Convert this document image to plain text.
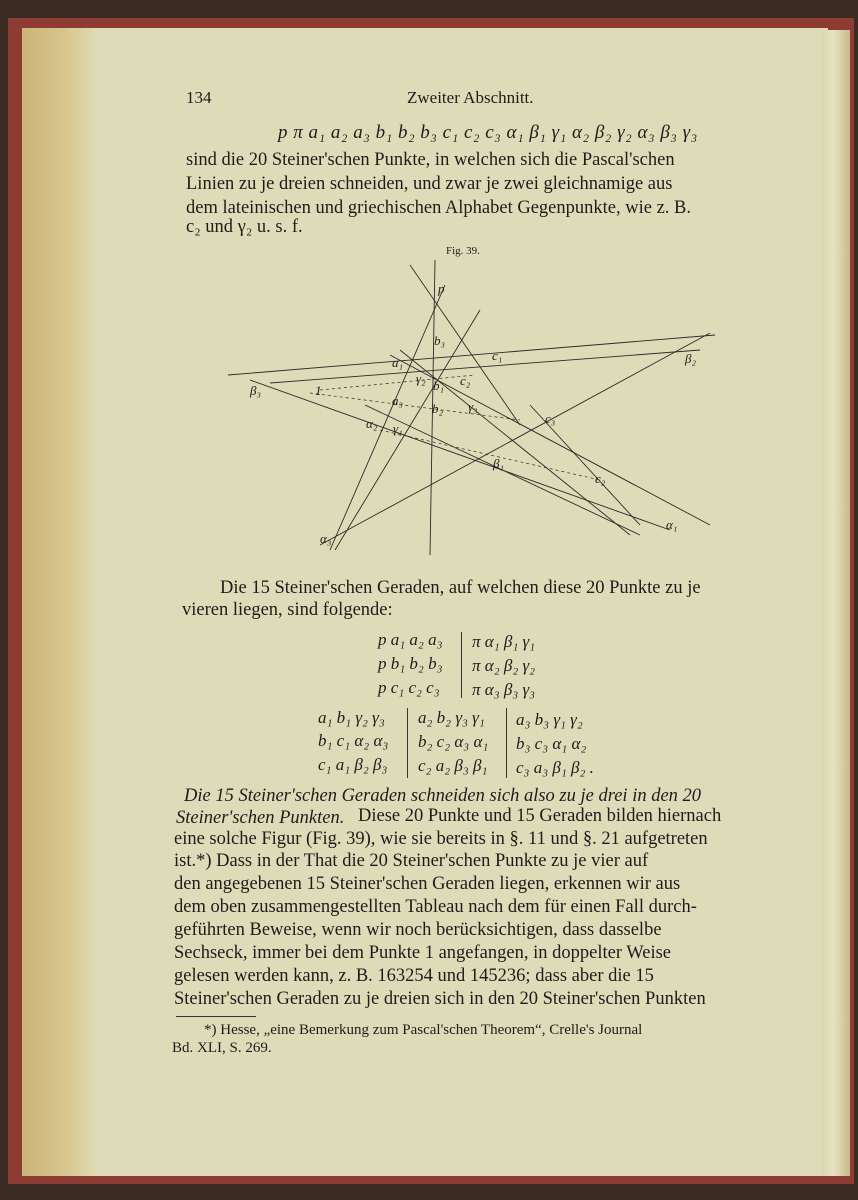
134	Zweiter Abschnitt.
p π a₁ a₂ a₃ b₁ b₂ b₃ c₁ c₂ c₃ α₁ β₁ γ₁ α₂ β₂ γ₂ α₃ β₃ γ₃
sind die 20 Steiner'schen Punkte, in welchen sich die Pascal'schen
Linien zu je dreien schneiden, und zwar je zwei gleichnamige aus
dem lateinischen und griechischen Alphabet Gegenpunkte, wie z. B.
c₂ und γ₂ u. s. f.
Fig. 39.
p
b₃
c₁
β₃
a₁
γ₂	c₂
β₂
1
a₃
b₁
b₂ γ₃
c₃
α₂ γ₁
β₁
c₂
α₁
α₃
Die 15 Steiner'schen Geraden, auf welchen diese 20 Punkte zu je
vieren liegen, sind folgende:
p a₁ a₂ a₃ π α₁ β₁ γ₁
p b₁ b₂ b₃ π α₂ β₂ γ₂
p c₁ c₂ c₃ π α₃ β₃ γ₃
a₁ b₁ γ₂ γ₃ a₂ b₂ γ₃ γ₁ a₃ b₃ γ₁ γ₂
b₁ c₁ α₂ α₃ b₂ c₂ α₃ α₁ b₃ c₃ α₁ α₂
c₁ a₁ β₂ β₃ c₂ a₂ β₃ β₁ c₃ a₃ β₁ β₂ .
Die 15 Steiner'schen Geraden schneiden sich also zu je drei in den 20
Steiner'schen Punkten. Diese 20 Punkte und 15 Geraden bilden hiernach
eine solche Figur (Fig. 39), wie sie bereits in §. 11 und §. 21 aufgetreten
ist.*) Dass in der That die 20 Steiner'schen Punkte zu je vier auf
den angegebenen 15 Steiner'schen Geraden liegen, erkennen wir aus
dem oben zusammengestellten Tableau nach dem für einen Fall durch-
geführten Beweise, wenn wir noch berücksichtigen, dass dasselbe
Sechseck, immer bei dem Punkte 1 angefangen, in doppelter Weise
gelesen werden kann, z. B. 163254 und 145236; dass aber die 15
Steiner'schen Geraden zu je dreien sich in den 20 Steiner'schen Punkten
*) Hesse, „eine Bemerkung zum Pascal'schen Theorem“, Crelle's Journal
Bd. XLI, S. 269.
